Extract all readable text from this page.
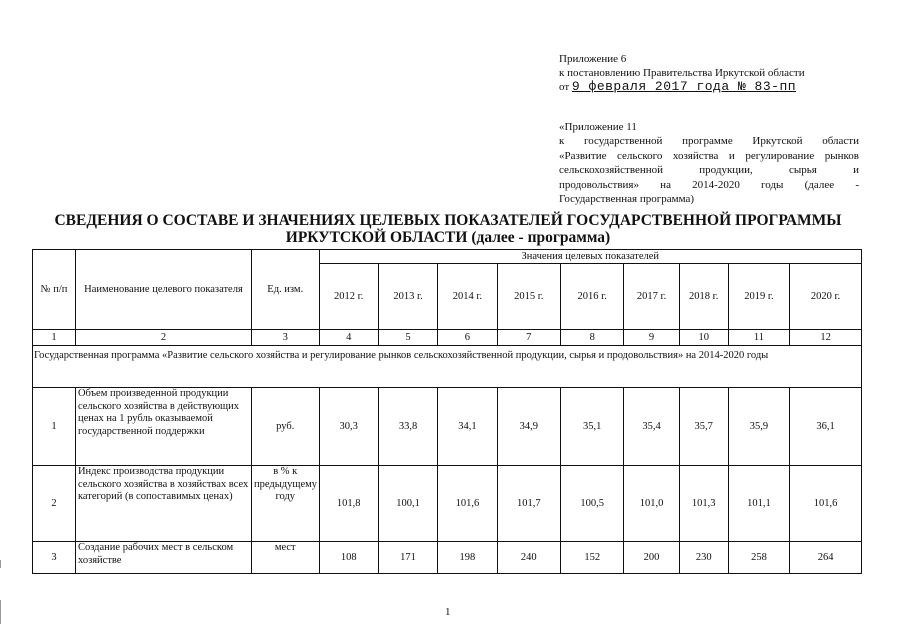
Приложение 6
к постановлению Правительства Иркутской области
от 9 февраля 2017 года № 83-пп
«Приложение 11
к государственной программе Иркутской области
«Развитие сельского хозяйства и регулирование рынков
сельскохозяйственной продукции, сырья и
продовольствия» на 2014-2020 годы (далее -
Государственная программа)
СВЕДЕНИЯ О СОСТАВЕ И ЗНАЧЕНИЯХ ЦЕЛЕВЫХ ПОКАЗАТЕЛЕЙ ГОСУДАРСТВЕННОЙ ПРОГРАММЫ ИРКУТСКОЙ ОБЛАСТИ (далее - программа)
№ п/п	Наименование целевого показателя	Ед. изм.	Значения целевых показателей								
			2012 г.	2013 г.	2014 г.	2015 г.	2016 г.	2017 г.	2018 г.	2019 г.	2020 г.
1	2	3	4	5	6	7	8	9	10	11	12
Государственная программа «Развитие сельского хозяйства и регулирование рынков сельскохозяйственной продукции, сырья и продовольствия» на 2014-2020 годы											
1	Объем произведенной продукции сельского хозяйства в действующих ценах на 1 рубль оказываемой государственной поддержки	руб.	30,3	33,8	34,1	34,9	35,1	35,4	35,7	35,9	36,1
2	Индекс производства продукции сельского хозяйства в хозяйствах всех категорий (в сопоставимых ценах)	в % к предыдущему году	101,8	100,1	101,6	101,7	100,5	101,0	101,3	101,1	101,6
3	Создание рабочих мест в сельском хозяйстве	мест	108	171	198	240	152	200	230	258	264
1
